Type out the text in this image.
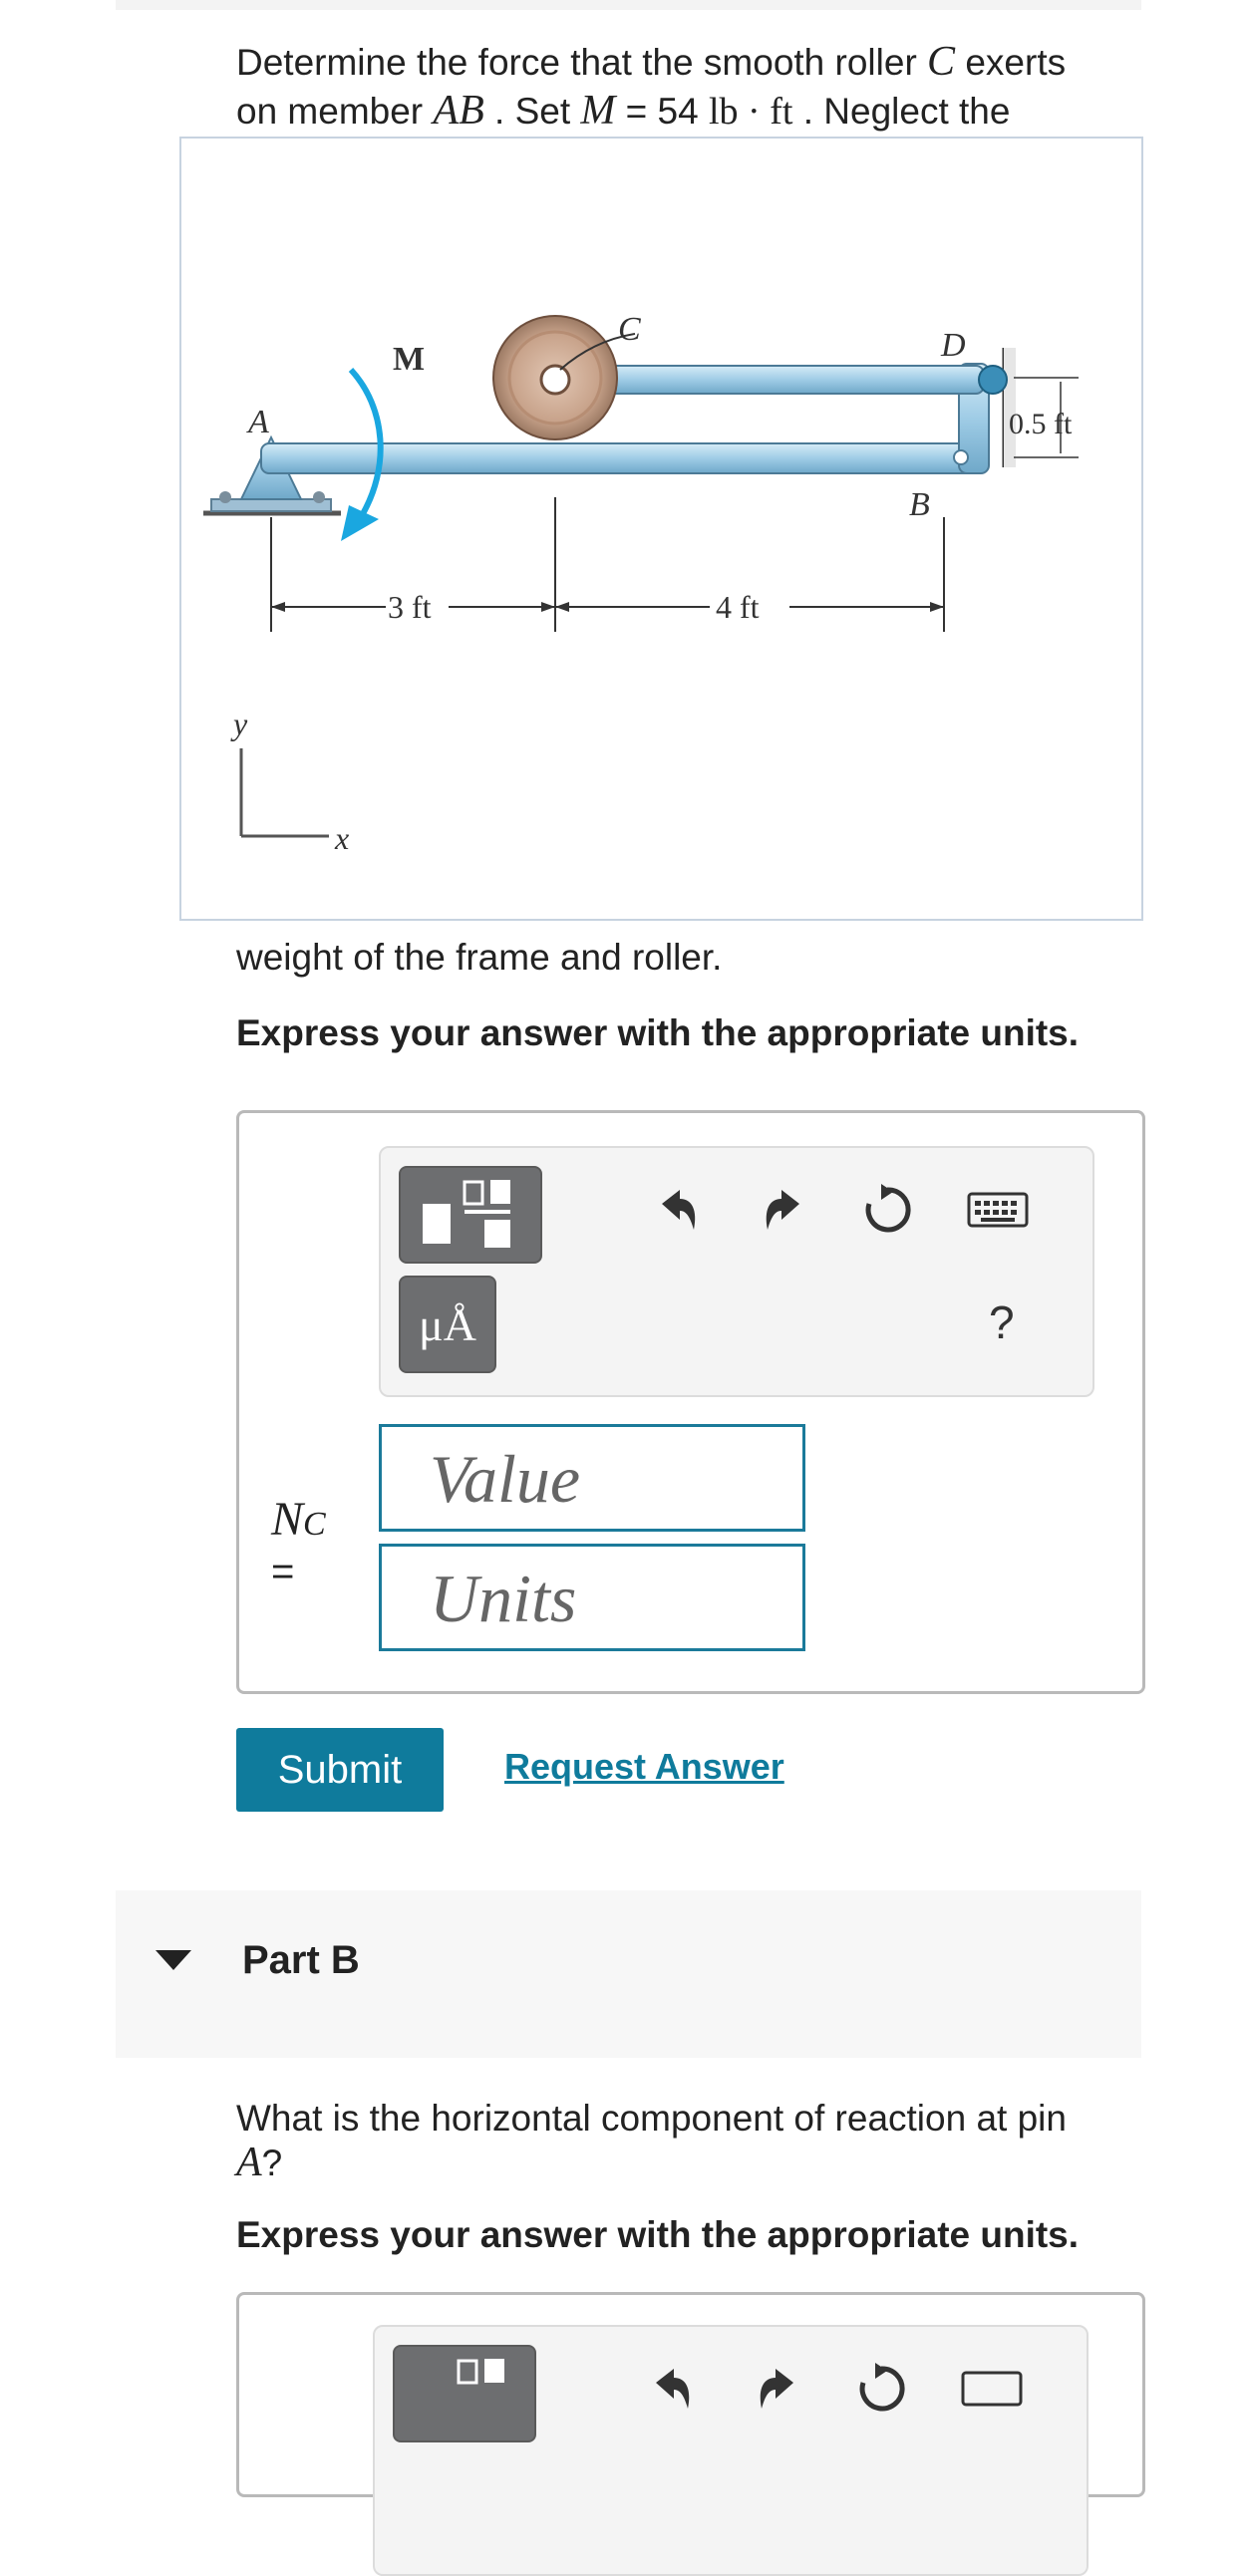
Determine the force that the smooth roller C exerts
on member AB . Set M = 54 lb · ft . Neglect the
A
B
C	D
M
3 ft	4 ft
0.5 ft
y
x
weight of the frame and roller.
Express your answer with the appropriate units.
μÅ	?
NC
=
Value
Units
Submit	Request Answer
Part B
What is the horizontal component of reaction at pin
A?
Express your answer with the appropriate units.
